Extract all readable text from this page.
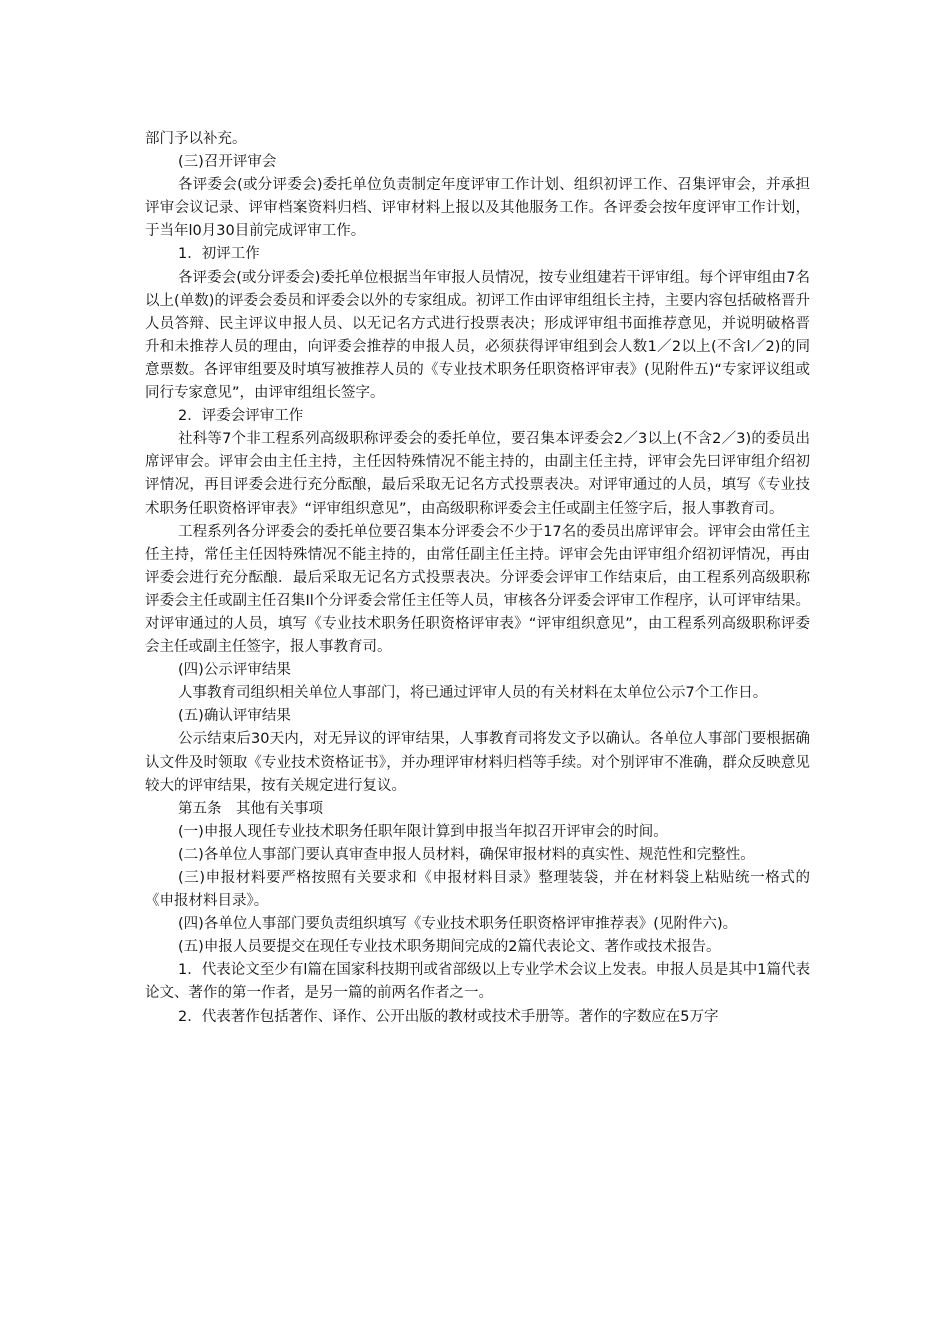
部门予以补充。

(三)召开评审会

各评委会(或分评委会)委托单位负责制定年度评审工作计划、组织初评工作、召集评审会，并承担评审会议记录、评审档案资料归档、评审材料上报以及其他服务工作。各评委会按年度评审工作计划，于当年l0月30目前完成评审工作。

1．初评工作

各评委会(或分评委会)委托单位根据当年审报人员情况，按专业组建若干评审组。每个评审组由7名以上(单数)的评委会委员和评委会以外的专家组成。初评工作由评审组组长主持，主要内容包括破格晋升人员答辩、民主评议申报人员、以无记名方式进行投票表决；形成评审组书面推荐意见，并说明破格晋升和未推荐人员的理由，向评委会推荐的申报人员，必须获得评审组到会人数1／2以上(不含l／2)的同意票数。各评审组要及时填写被推荐人员的《专业技术职务任职资格评审表》(见附件五)“专家评议组或同行专家意见”，由评审组组长签字。

2．评委会评审工作

社科等7个非工程系列高级职称评委会的委托单位，要召集本评委会2／3以上(不含2／3)的委员出席评审会。评审会由主任主持，主任因特殊情况不能主持的，由副主任主持，评审会先曰评审组介绍初评情况，再目评委会进行充分酝酿，最后采取无记名方式投票表决。对评审通过的人员，填写《专业技术职务任职资格评审表》“评审组织意见”，由高级职称评委会主任或副主任签字后，报人事教育司。

工程系列各分评委会的委托单位要召集本分评委会不少于17名的委员出席评审会。评审会由常任主任主持，常任主任因特殊情况不能主持的，由常任副主任主持。评审会先由评审组介绍初评情况，再由评委会进行充分酝酿．最后采取无记名方式投票表决。分评委会评审工作结束后，由工程系列高级职称评委会主任或副主任召集Il个分评委会常任主任等人员，审核各分评委会评审工作程序，认可评审结果。对评审通过的人员，填写《专业技术职务任职资格评审表》“评审组织意见”，由工程系列高级职称评委会主任或副主任签字，报人事教育司。

(四)公示评审结果

人事教育司组织相关单位人事部门，将已通过评审人员的有关材料在太单位公示7个工作日。

(五)确认评审结果

公示结束后30天内，对无异议的评审结果，人事教育司将发文予以确认。各单位人事部门要根据确认文件及时领取《专业技术资格证书》，并办理评审材料归档等手续。对个别评审不准确，群众反映意见较大的评审结果，按有关规定进行复议。

第五条　其他有关事项

(一)申报人现任专业技术职务任职年限计算到申报当年拟召开评审会的时间。

(二)各单位人事部门要认真审查申报人员材料，确保审报材料的真实性、规范性和完整性。

(三)申报材料要严格按照有关要求和《申报材料目录》整理装袋，并在材料袋上粘贴统一格式的《申报材料目录》。

(四)各单位人事部门要负责组织填写《专业技术职务任职资格评审推荐表》(见附件六)。

(五)申报人员要提交在现任专业技术职务期间完成的2篇代表论文、著作或技术报告。

1．代表论文至少有l篇在国家科技期刊或省部级以上专业学术会议上发表。申报人员是其中1篇代表论文、著作的第一作者，是另一篇的前两名作者之一。

2．代表著作包括著作、译作、公开出版的教材或技术手册等。著作的字数应在5万字
